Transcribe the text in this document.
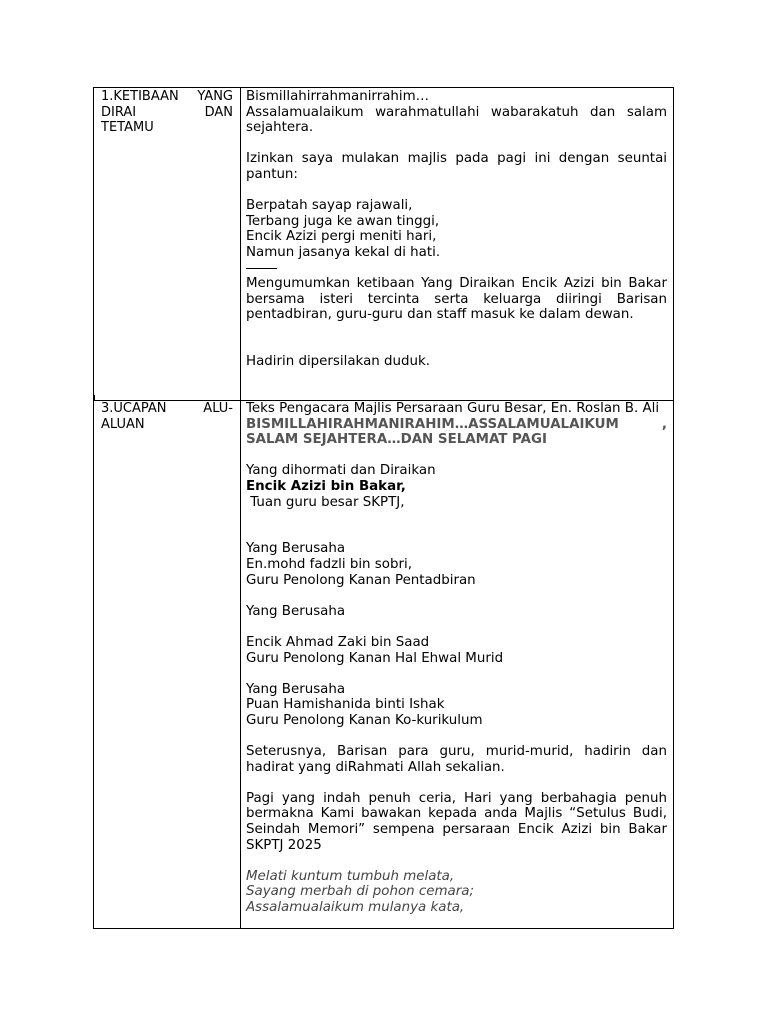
1.KETIBAAN YANG
DIRAI DAN
TETAMU

Bismillahirrahmanirrahim…

Assalamualaikum warahmatullahi wabarakatuh dan salam sejahtera.

Izinkan saya mulakan majlis pada pagi ini dengan seuntai pantun:

Berpatah sayap rajawali,

Terbang juga ke awan tinggi,

Encik Azizi pergi meniti hari,

Namun jasanya kekal di hati.

Mengumumkan ketibaan Yang Diraikan Encik Azizi bin Bakar bersama isteri tercinta serta keluarga diiringi Barisan pentadbiran, guru-guru dan staff masuk ke dalam dewan.

Hadirin dipersilakan duduk.

3.UCAPAN ALU-
ALUAN

Teks Pengacara Majlis Persaraan Guru Besar, En. Roslan B. Ali

BISMILLAHIRAHMANIRAHIM…ASSALAMUALAIKUM , SALAM SEJAHTERA…DAN SELAMAT PAGI

Yang dihormati dan Diraikan

Encik Azizi bin Bakar,

Tuan guru besar SKPTJ,

Yang Berusaha

En.mohd fadzli bin sobri,

Guru Penolong Kanan Pentadbiran

Yang Berusaha

Encik Ahmad Zaki bin Saad

Guru Penolong Kanan Hal Ehwal Murid

Yang Berusaha

Puan Hamishanida binti Ishak

Guru Penolong Kanan Ko-kurikulum

Seterusnya, Barisan para guru, murid-murid, hadirin dan hadirat yang diRahmati Allah sekalian.

Pagi yang indah penuh ceria, Hari yang berbahagia penuh bermakna Kami bawakan kepada anda Majlis “Setulus Budi, Seindah Memori” sempena persaraan Encik Azizi bin Bakar SKPTJ 2025

Melati kuntum tumbuh melata,

Sayang merbah di pohon cemara;

Assalamualaikum mulanya kata,
